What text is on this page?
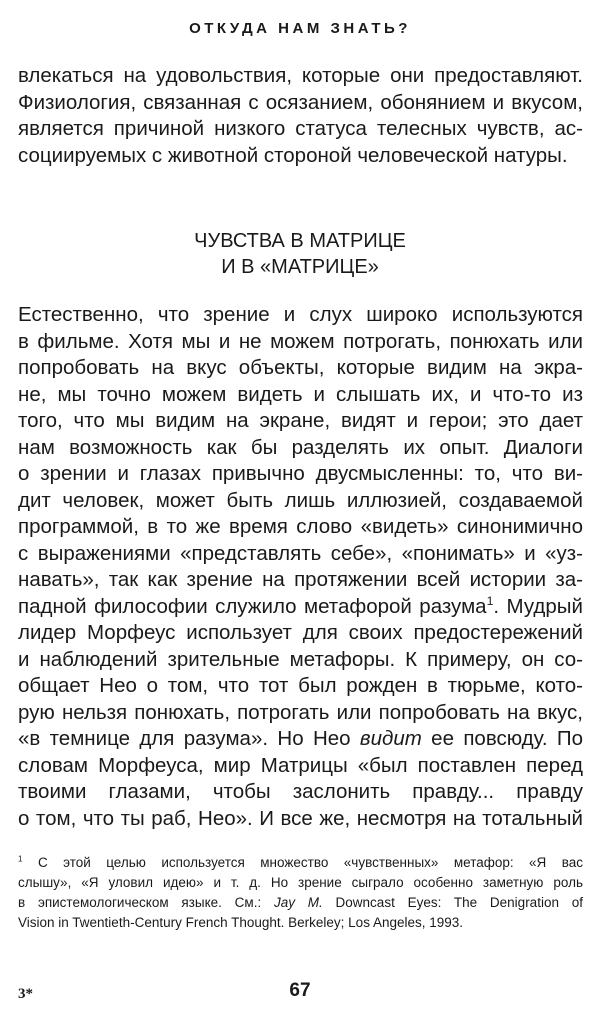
ОТКУДА НАМ ЗНАТЬ?
влекаться на удовольствия, которые они предоставляют.
Физиология, связанная с осязанием, обонянием и вкусом,
является причиной низкого статуса телесных чувств, ас-
социируемых с животной стороной человеческой натуры.
ЧУВСТВА В МАТРИЦЕ
И В «МАТРИЦЕ»
Естественно, что зрение и слух широко используются
в фильме. Хотя мы и не можем потрогать, понюхать или
попробовать на вкус объекты, которые видим на экра-
не, мы точно можем видеть и слышать их, и что-то из
того, что мы видим на экране, видят и герои; это дает
нам возможность как бы разделять их опыт. Диалоги
о зрении и глазах привычно двусмысленны: то, что ви-
дит человек, может быть лишь иллюзией, создаваемой
программой, в то же время слово «видеть» синонимично
с выражениями «представлять себе», «понимать» и «уз-
навать», так как зрение на протяжении всей истории за-
падной философии служило метафорой разума$^1$. Мудрый
лидер Морфеус использует для своих предостережений
и наблюдений зрительные метафоры. К примеру, он со-
общает Нео о том, что тот был рожден в тюрьме, кото-
рую нельзя понюхать, потрогать или попробовать на вкус,
«в темнице для разума». Но Нео видит ее повсюду. По
словам Морфеуса, мир Матрицы «был поставлен перед
твоими глазами, чтобы заслонить правду... правду
о том, что ты раб, Нео». И все же, несмотря на тотальный
$^1$ С этой целью используется множество «чувственных» метафор: «Я вас
слышу», «Я уловил идею» и т. д. Но зрение сыграло особенно заметную роль
в эпистемологическом языке. См.: Jay M. Downcast Eyes: The Denigration of
Vision in Twentieth-Century French Thought. Berkeley; Los Angeles, 1993.
3*	67
